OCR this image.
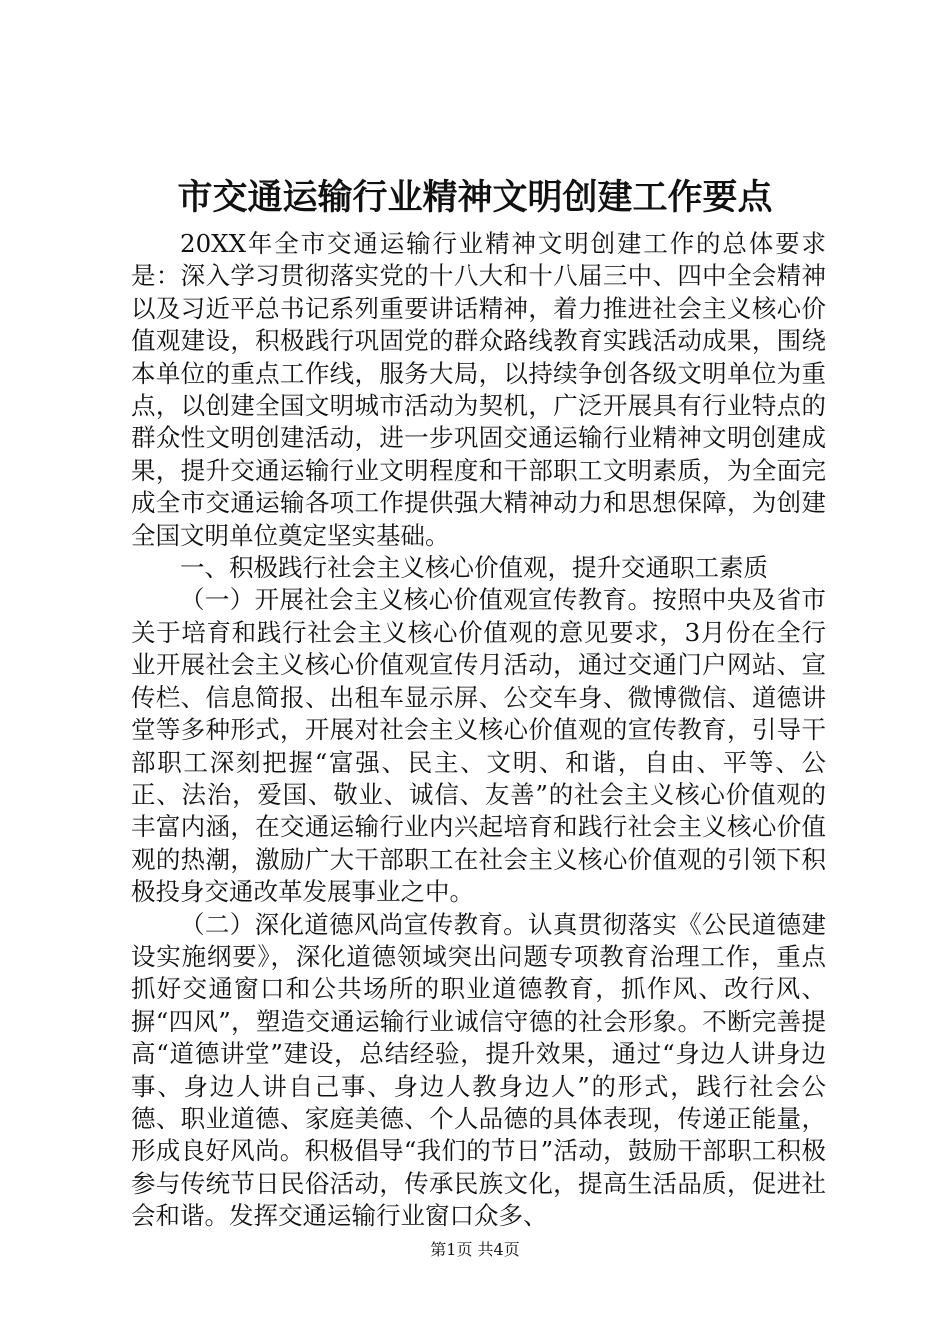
市交通运输行业精神文明创建工作要点

20XX年全市交通运输行业精神文明创建工作的总体要求是：深入学习贯彻落实党的十八大和十八届三中、四中全会精神以及习近平总书记系列重要讲话精神，着力推进社会主义核心价值观建设，积极践行巩固党的群众路线教育实践活动成果，围绕本单位的重点工作线，服务大局，以持续争创各级文明单位为重点，以创建全国文明城市活动为契机，广泛开展具有行业特点的群众性文明创建活动，进一步巩固交通运输行业精神文明创建成果，提升交通运输行业文明程度和干部职工文明素质，为全面完成全市交通运输各项工作提供强大精神动力和思想保障，为创建全国文明单位奠定坚实基础。

一、积极践行社会主义核心价值观，提升交通职工素质

（一）开展社会主义核心价值观宣传教育。按照中央及省市关于培育和践行社会主义核心价值观的意见要求，3月份在全行业开展社会主义核心价值观宣传月活动，通过交通门户网站、宣传栏、信息简报、出租车显示屏、公交车身、微博微信、道德讲堂等多种形式，开展对社会主义核心价值观的宣传教育，引导干部职工深刻把握“富强、民主、文明、和谐，自由、平等、公正、法治，爱国、敬业、诚信、友善”的社会主义核心价值观的丰富内涵，在交通运输行业内兴起培育和践行社会主义核心价值观的热潮，激励广大干部职工在社会主义核心价值观的引领下积极投身交通改革发展事业之中。

（二）深化道德风尚宣传教育。认真贯彻落实《公民道德建设实施纲要》，深化道德领域突出问题专项教育治理工作，重点抓好交通窗口和公共场所的职业道德教育，抓作风、改行风、摒“四风”，塑造交通运输行业诚信守德的社会形象。不断完善提高“道德讲堂”建设，总结经验，提升效果，通过“身边人讲身边事、身边人讲自己事、身边人教身边人”的形式，践行社会公德、职业道德、家庭美德、个人品德的具体表现，传递正能量，形成良好风尚。积极倡导“我们的节日”活动，鼓励干部职工积极参与传统节日民俗活动，传承民族文化，提高生活品质，促进社会和谐。发挥交通运输行业窗口众多、

第1页 共4页
